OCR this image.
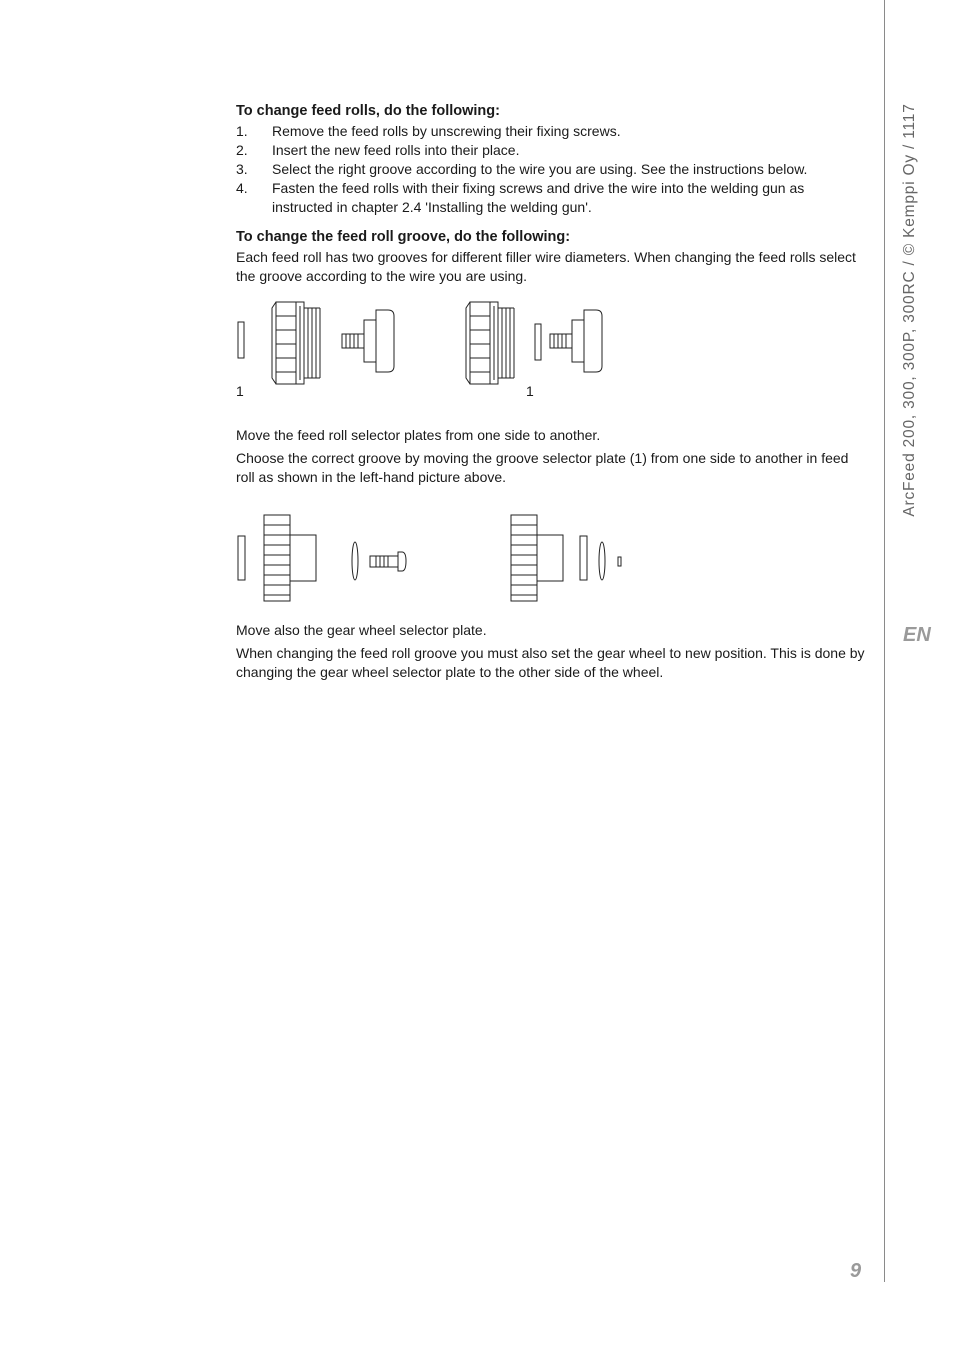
ArcFeed 200, 300, 300P, 300RC / © Kemppi Oy / 1117
EN
9
To change feed rolls, do the following:
1.	Remove the feed rolls by unscrewing their fixing screws.
2.	Insert the new feed rolls into their place.
3.	Select the right groove according to the wire you are using. See the instructions below.
4.	Fasten the feed rolls with their fixing screws and drive the wire into the welding gun as instructed in chapter 2.4 'Installing the welding gun'.
To change the feed roll groove, do the following:

Each feed roll has two grooves for different filler wire diameters. When changing the feed rolls select the groove according to the wire you are using.

1	1

Move the feed roll selector plates from one side to another.

Choose the correct groove by moving the groove selector plate (1) from one side to another in feed roll as shown in the left-hand picture above.

Move also the gear wheel selector plate.

When changing the feed roll groove you must also set the gear wheel to new position. This is done by changing the gear wheel selector plate to the other side of the wheel.
